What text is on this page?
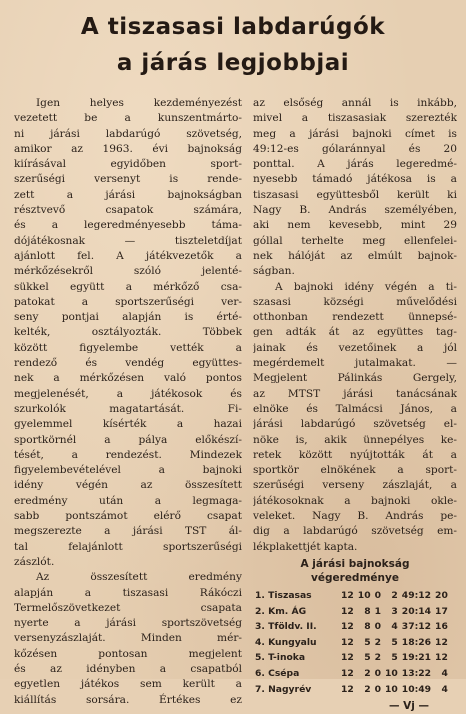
A tiszasasi labdarúgók
a járás legjobbjai
Igen helyes kezdeményezést
vezetett be a kunszentmárto-
ni járási labdarúgó szövetség,
amikor az 1963. évi bajnokság
kiírásával egyidőben sport-
szerűségi versenyt is rende-
zett a járási bajnokságban
résztvevő csapatok számára,
és a legeredményesebb táma-
dójátékosnak — tiszteletdíjat
ajánlott fel. A játékvezetők a
mérkőzésekről szóló jelenté-
sükkel együtt a mérkőző csa-
patokat a sportszerűségi ver-
seny pontjai alapján is érté-
kelték, osztályozták. Többek
között figyelembe vették a
rendező és vendég együttes-
nek a mérkőzésen való pontos
megjelenését, a játékosok és
szurkolók magatartását. Fi-
gyelemmel kísérték a hazai
sportkörnél a pálya előkészí-
tését, a rendezést. Mindezek
figyelembevételével a bajnoki
idény végén az összesített
eredmény után a legmaga-
sabb pontszámot elérő csapat
megszerezte a járási TST ál-
tal felajánlott sportszerűségi
zászlót.
Az összesített eredmény
alapján a tiszasasi Rákóczi
Termelőszövetkezet csapata
nyerte a járási sportszövetség
versenyzászlaját. Minden mér-
kőzésen pontosan megjelent
és az idényben a csapatból
egyetlen játékos sem került a
kiállítás sorsára. Értékes ez
az elsőség annál is inkább,
mivel a tiszasasiak szerezték
meg a járási bajnoki címet is
49:12-es gólaránnyal és 20
ponttal. A járás legeredmé-
nyesebb támadó játékosa is a
tiszasasi együttesből került ki
Nagy B. András személyében,
aki nem kevesebb, mint 29
góllal terhelte meg ellenfelei-
nek hálóját az elmúlt bajnok-
ságban.
A bajnoki idény végén a ti-
szasasi községi művelődési
otthonban rendezett ünnepsé-
gen adták át az együttes tag-
jainak és vezetőinek a jól
megérdemelt jutalmakat. —
Megjelent Pálinkás Gergely,
az MTST járási tanácsának
elnöke és Talmácsi János, a
járási labdarúgó szövetség el-
nöke is, akik ünnepélyes ke-
retek között nyújtották át a
sportkör elnökének a sport-
szerűségi verseny zászlaját, a
játékosoknak a bajnoki okle-
veleket. Nagy B. András pe-
dig a labdarúgó szövetség em-
lékplakettjét kapta.
A járási bajnokság
végeredménye
1. Tiszasas	12	10	0	2	49:12	20
2. Km. ÁG	12	8	1	3	20:14	17
3. Tföldv. II.	12	8	0	4	37:12	16
4. Kungyalu	12	5	2	5	18:26	12
5. T-inoka	12	5	2	5	19:21	12
6. Csépa	12	2	0	10	13:22	4
7. Nagyrév	12	2	0	10	10:49	4
— Vj —
